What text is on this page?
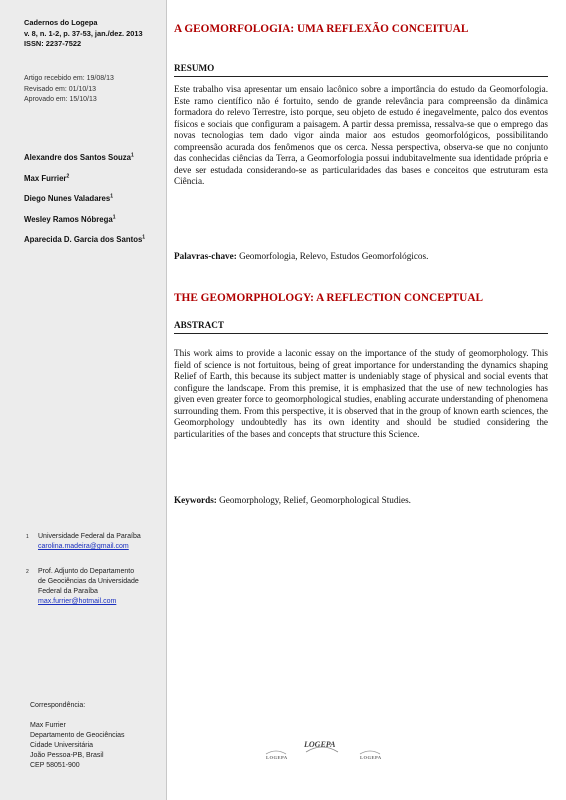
Cadernos do Logepa
v. 8, n. 1-2, p. 37-53, jan./dez. 2013
ISSN: 2237-7522
Artigo recebido em: 19/08/13
Revisado em: 01/10/13
Aprovado em: 15/10/13
Alexandre dos Santos Souza$^1$
Max Furrier$^2$
Diego Nunes Valadares$^1$
Wesley Ramos Nóbrega$^1$
Aparecida D. Garcia dos Santos$^1$
1 Universidade Federal da Paraíba
carolina.madeira@gmail.com
2 Prof. Adjunto do Departamento
de Geociências da Universidade
Federal da Paraíba
max.furrier@hotmail.com
Correspondência:
Max Furrier
Departamento de Geociências
Cidade Universitária
João Pessoa-PB, Brasil
CEP 58051-900
A GEOMORFOLOGIA: UMA REFLEXÃO CONCEITUAL
RESUMO
Este trabalho visa apresentar um ensaio lacônico sobre a importância do estudo da Geomorfologia. Este ramo científico não é fortuito, sendo de grande relevância para compreensão da dinâmica formadora do relevo Terrestre, isto porque, seu objeto de estudo é inegavelmente, palco dos eventos físicos e sociais que configuram a paisagem. A partir dessa premissa, ressalva-se que o emprego das novas tecnologias tem dado vigor ainda maior aos estudos geomorfológicos, possibilitando compreensão acurada dos fenômenos que os cerca. Nessa perspectiva, observa-se que no conjunto das conhecidas ciências da Terra, a Geomorfologia possui indubitavelmente sua identidade própria e deve ser estudada considerando-se as particularidades das bases e conceitos que estruturam esta Ciência.
Palavras-chave: Geomorfologia, Relevo, Estudos Geomorfológicos.
THE GEOMORPHOLOGY: A REFLECTION CONCEPTUAL
ABSTRACT
This work aims to provide a laconic essay on the importance of the study of geomorphology. This field of science is not fortuitous, being of great importance for understanding the dynamics shaping Relief of Earth, this because its subject matter is undeniably stage of physical and social events that configure the landscape. From this premise, it is emphasized that the use of new technologies has given even greater force to geomorphological studies, enabling accurate understanding of phenomena surrounding them. From this perspective, it is observed that in the group of known earth sciences, the Geomorphology undoubtedly has its own identity and should be studied considering the particularities of the bases and concepts that structure this Science.
Keywords: Geomorphology, Relief, Geomorphological Studies.
LOGEPA
LOGEPA
LOGEPA
